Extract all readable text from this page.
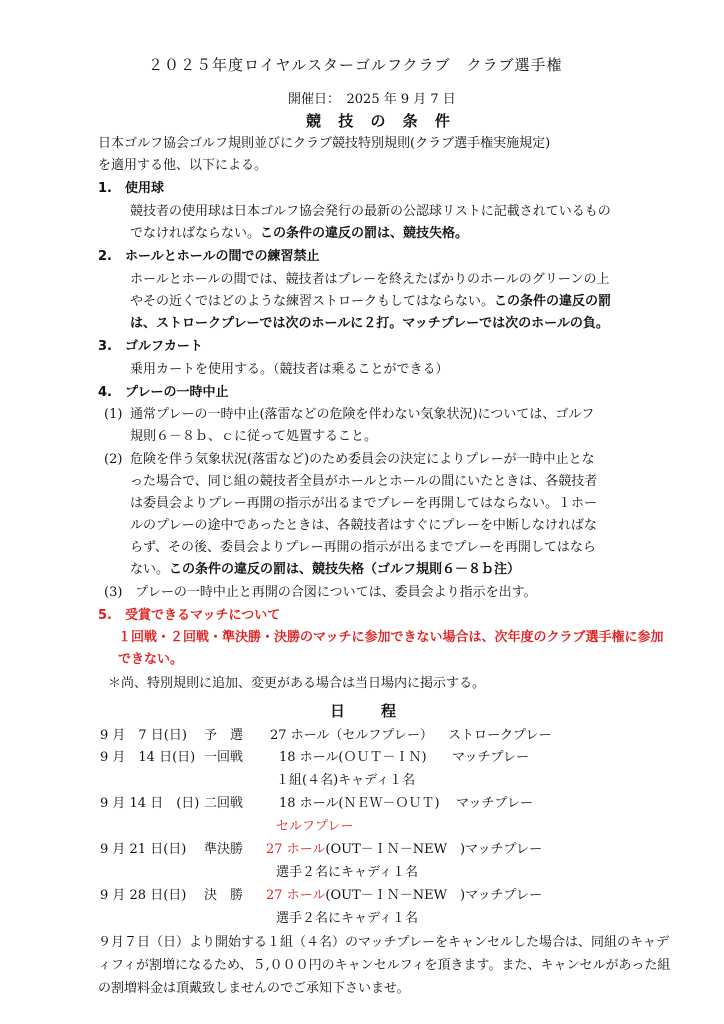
２０２５年度ロイヤルスターゴルフクラブ　クラブ選手権
開催日：　2025 年 9 月 7 日
競 技 の 条 件
日本ゴルフ協会ゴルフ規則並びにクラブ競技特別規則(クラブ選手権実施規定)
を適用する他、以下による。
1.　使用球
競技者の使用球は日本ゴルフ協会発行の最新の公認球リストに記載されているもの
でなければならない。この条件の違反の罰は、競技失格。
2.　ホールとホールの間での練習禁止
ホールとホールの間では、競技者はプレーを終えたばかりのホールのグリーンの上
やその近くではどのような練習ストロークもしてはならない。この条件の違反の罰
は、ストロークプレーでは次のホールに２打。マッチプレーでは次のホールの負。
3.　ゴルフカート
乗用カートを使用する。（競技者は乗ることができる）
4.　プレーの一時中止
(1) 通常プレーの一時中止(落雷などの危険を伴わない気象状況)については、ゴルフ
規則６－８ｂ、ｃに従って処置すること。
(2) 危険を伴う気象状況(落雷など)のため委員会の決定によりプレーが一時中止とな
った場合で、同じ組の競技者全員がホールとホールの間にいたときは、各競技者
は委員会よりプレー再開の指示が出るまでプレーを再開してはならない。１ホー
ルのプレーの途中であったときは、各競技者はすぐにプレーを中断しなければな
らず、その後、委員会よりプレー再開の指示が出るまでプレーを再開してはなら
ない。この条件の違反の罰は、競技失格（ゴルフ規則６－８ｂ注）
(3)　プレーの一時中止と再開の合図については、委員会より指示を出す。
5.　受賞できるマッチについて
１回戦・２回戦・準決勝・決勝のマッチに参加できない場合は、次年度のクラブ選手権に参加
できない。
＊尚、特別規則に追加、変更がある場合は当日場内に掲示する。
日　　程
9 月　7 日(日) 予　選 27 ホール（セルフプレー） ストロークプレー
9 月　14 日(日) 一回戦	18 ホール(ＯＵＴ－ＩＮ) マッチプレー
１組(４名)キャディ１名
9 月 14 日　(日) 二回戦	18 ホール(ＮＥＷ－ＯＵＴ) マッチプレー
セルフプレー
9 月 21 日(日) 準決勝 27 ホール(OUT－ＩＮ－NEW　)マッチプレー
選手２名にキャディ１名
9 月 28 日(日) 決　勝 27 ホール(OUT－ＩＮ－NEW　)マッチプレー
選手２名にキャディ１名
９月７日（日）より開始する１組（４名）のマッチプレーをキャンセルした場合は、同組のキャデ
ィフィが割増になるため、５,０００円のキャンセルフィを頂きます。また、キャンセルがあった組
の割増料金は頂戴致しませんのでご承知下さいませ。
